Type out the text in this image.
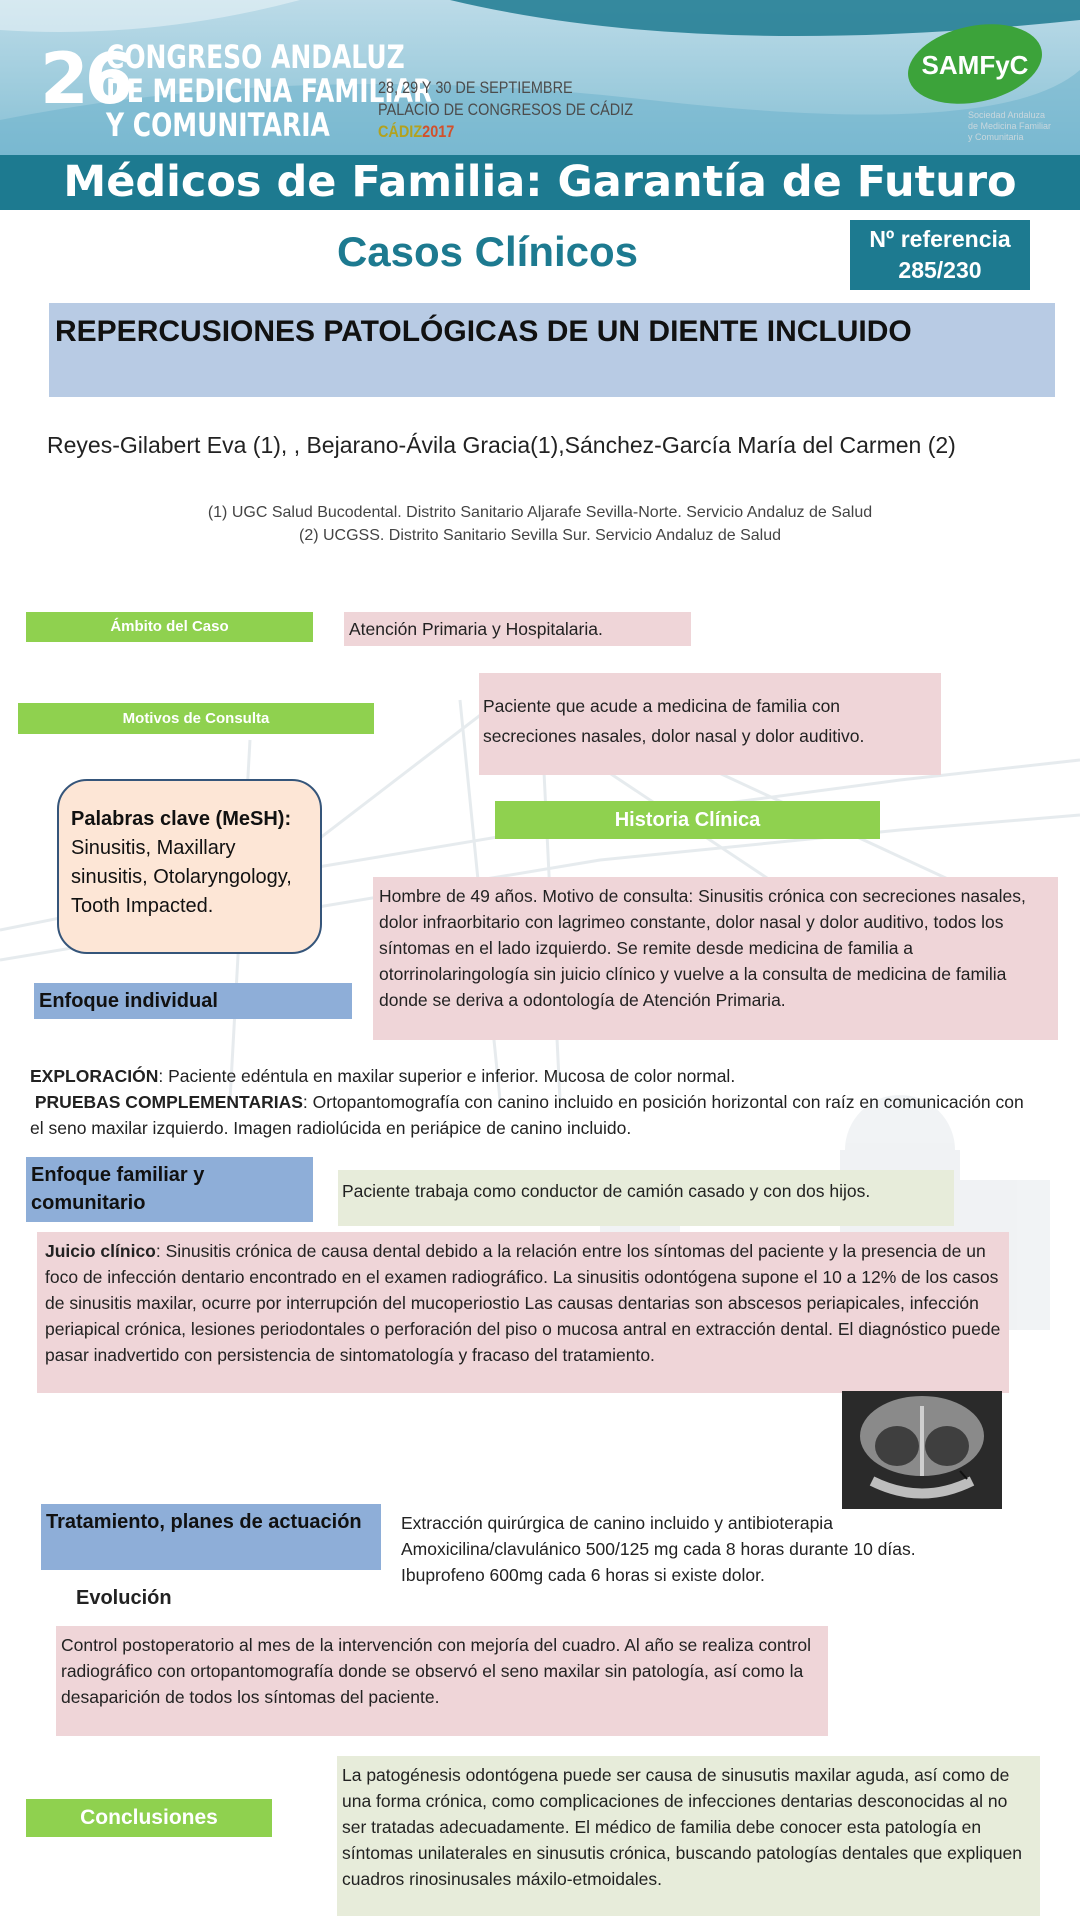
26
CONGRESO ANDALUZ
DE MEDICINA FAMILIAR
Y COMUNITARIA
28, 29 Y 30 DE SEPTIEMBRE
PALACIO DE CONGRESOS DE CÁDIZ
CÁDIZ2017
SAMFyC
Sociedad Andaluza
de Medicina Familiar
y Comunitaria
Médicos de Familia: Garantía de Futuro
Casos Clínicos	Nº referencia
285/230
REPERCUSIONES PATOLÓGICAS DE UN DIENTE INCLUIDO
Reyes-Gilabert Eva (1), , Bejarano-Ávila Gracia(1),Sánchez-García María del Carmen (2)
(1) UGC Salud Bucodental. Distrito Sanitario Aljarafe Sevilla-Norte. Servicio Andaluz de Salud
(2) UCGSS. Distrito Sanitario Sevilla Sur. Servicio Andaluz de Salud
Ámbito del Caso	Atención Primaria y Hospitalaria.
Motivos de Consulta
Paciente que acude a medicina de familia con secreciones nasales, dolor nasal y dolor auditivo.
Palabras clave (MeSH):
Sinusitis, Maxillary sinusitis, Otolaryngology, Tooth Impacted.
Historia Clínica
Hombre de 49 años. Motivo de consulta: Sinusitis crónica con secreciones nasales, dolor infraorbitario con lagrimeo constante, dolor nasal y dolor auditivo, todos los síntomas en el lado izquierdo. Se remite desde medicina de familia a otorrinolaringología sin juicio clínico y vuelve a la consulta de medicina de familia donde se deriva a odontología de Atención Primaria.
Enfoque individual
EXPLORACIÓN: Paciente edéntula en maxilar superior e inferior. Mucosa de color normal.
PRUEBAS COMPLEMENTARIAS: Ortopantomografía con canino incluido en posición horizontal con raíz en comunicación con el seno maxilar izquierdo. Imagen radiolúcida en periápice de canino incluido.
Enfoque familiar y comunitario
Paciente trabaja como conductor de camión casado y con dos hijos.
Juicio clínico: Sinusitis crónica de causa dental debido a la relación entre los síntomas del paciente y la presencia de un foco de infección dentario encontrado en el examen radiográfico. La sinusitis odontógena supone el 10 a 12% de los casos de sinusitis maxilar, ocurre por interrupción del mucoperiostio Las causas dentarias son abscesos periapicales, infección periapical crónica, lesiones periodontales o perforación del piso o mucosa antral en extracción dental. El diagnóstico puede pasar inadvertido con persistencia de sintomatología y fracaso del tratamiento.
Tratamiento, planes de actuación	Extracción quirúrgica de canino incluido y antibioterapia
Amoxicilina/clavulánico 500/125 mg cada 8 horas durante 10 días.
Ibuprofeno 600mg cada 6 horas si existe dolor.
Evolución
Control postoperatorio al mes de la intervención con mejoría del cuadro. Al año se realiza control radiográfico con ortopantomografía donde se observó el seno maxilar sin patología, así como la desaparición de todos los síntomas del paciente.
Conclusiones
La patogénesis odontógena puede ser causa de sinusutis maxilar aguda, así como de una forma crónica, como complicaciones de infecciones dentarias desconocidas al no ser tratadas adecuadamente. El médico de familia debe conocer esta patología en síntomas unilaterales en sinusutis crónica, buscando patologías dentales que expliquen cuadros rinosinusales máxilo-etmoidales.
